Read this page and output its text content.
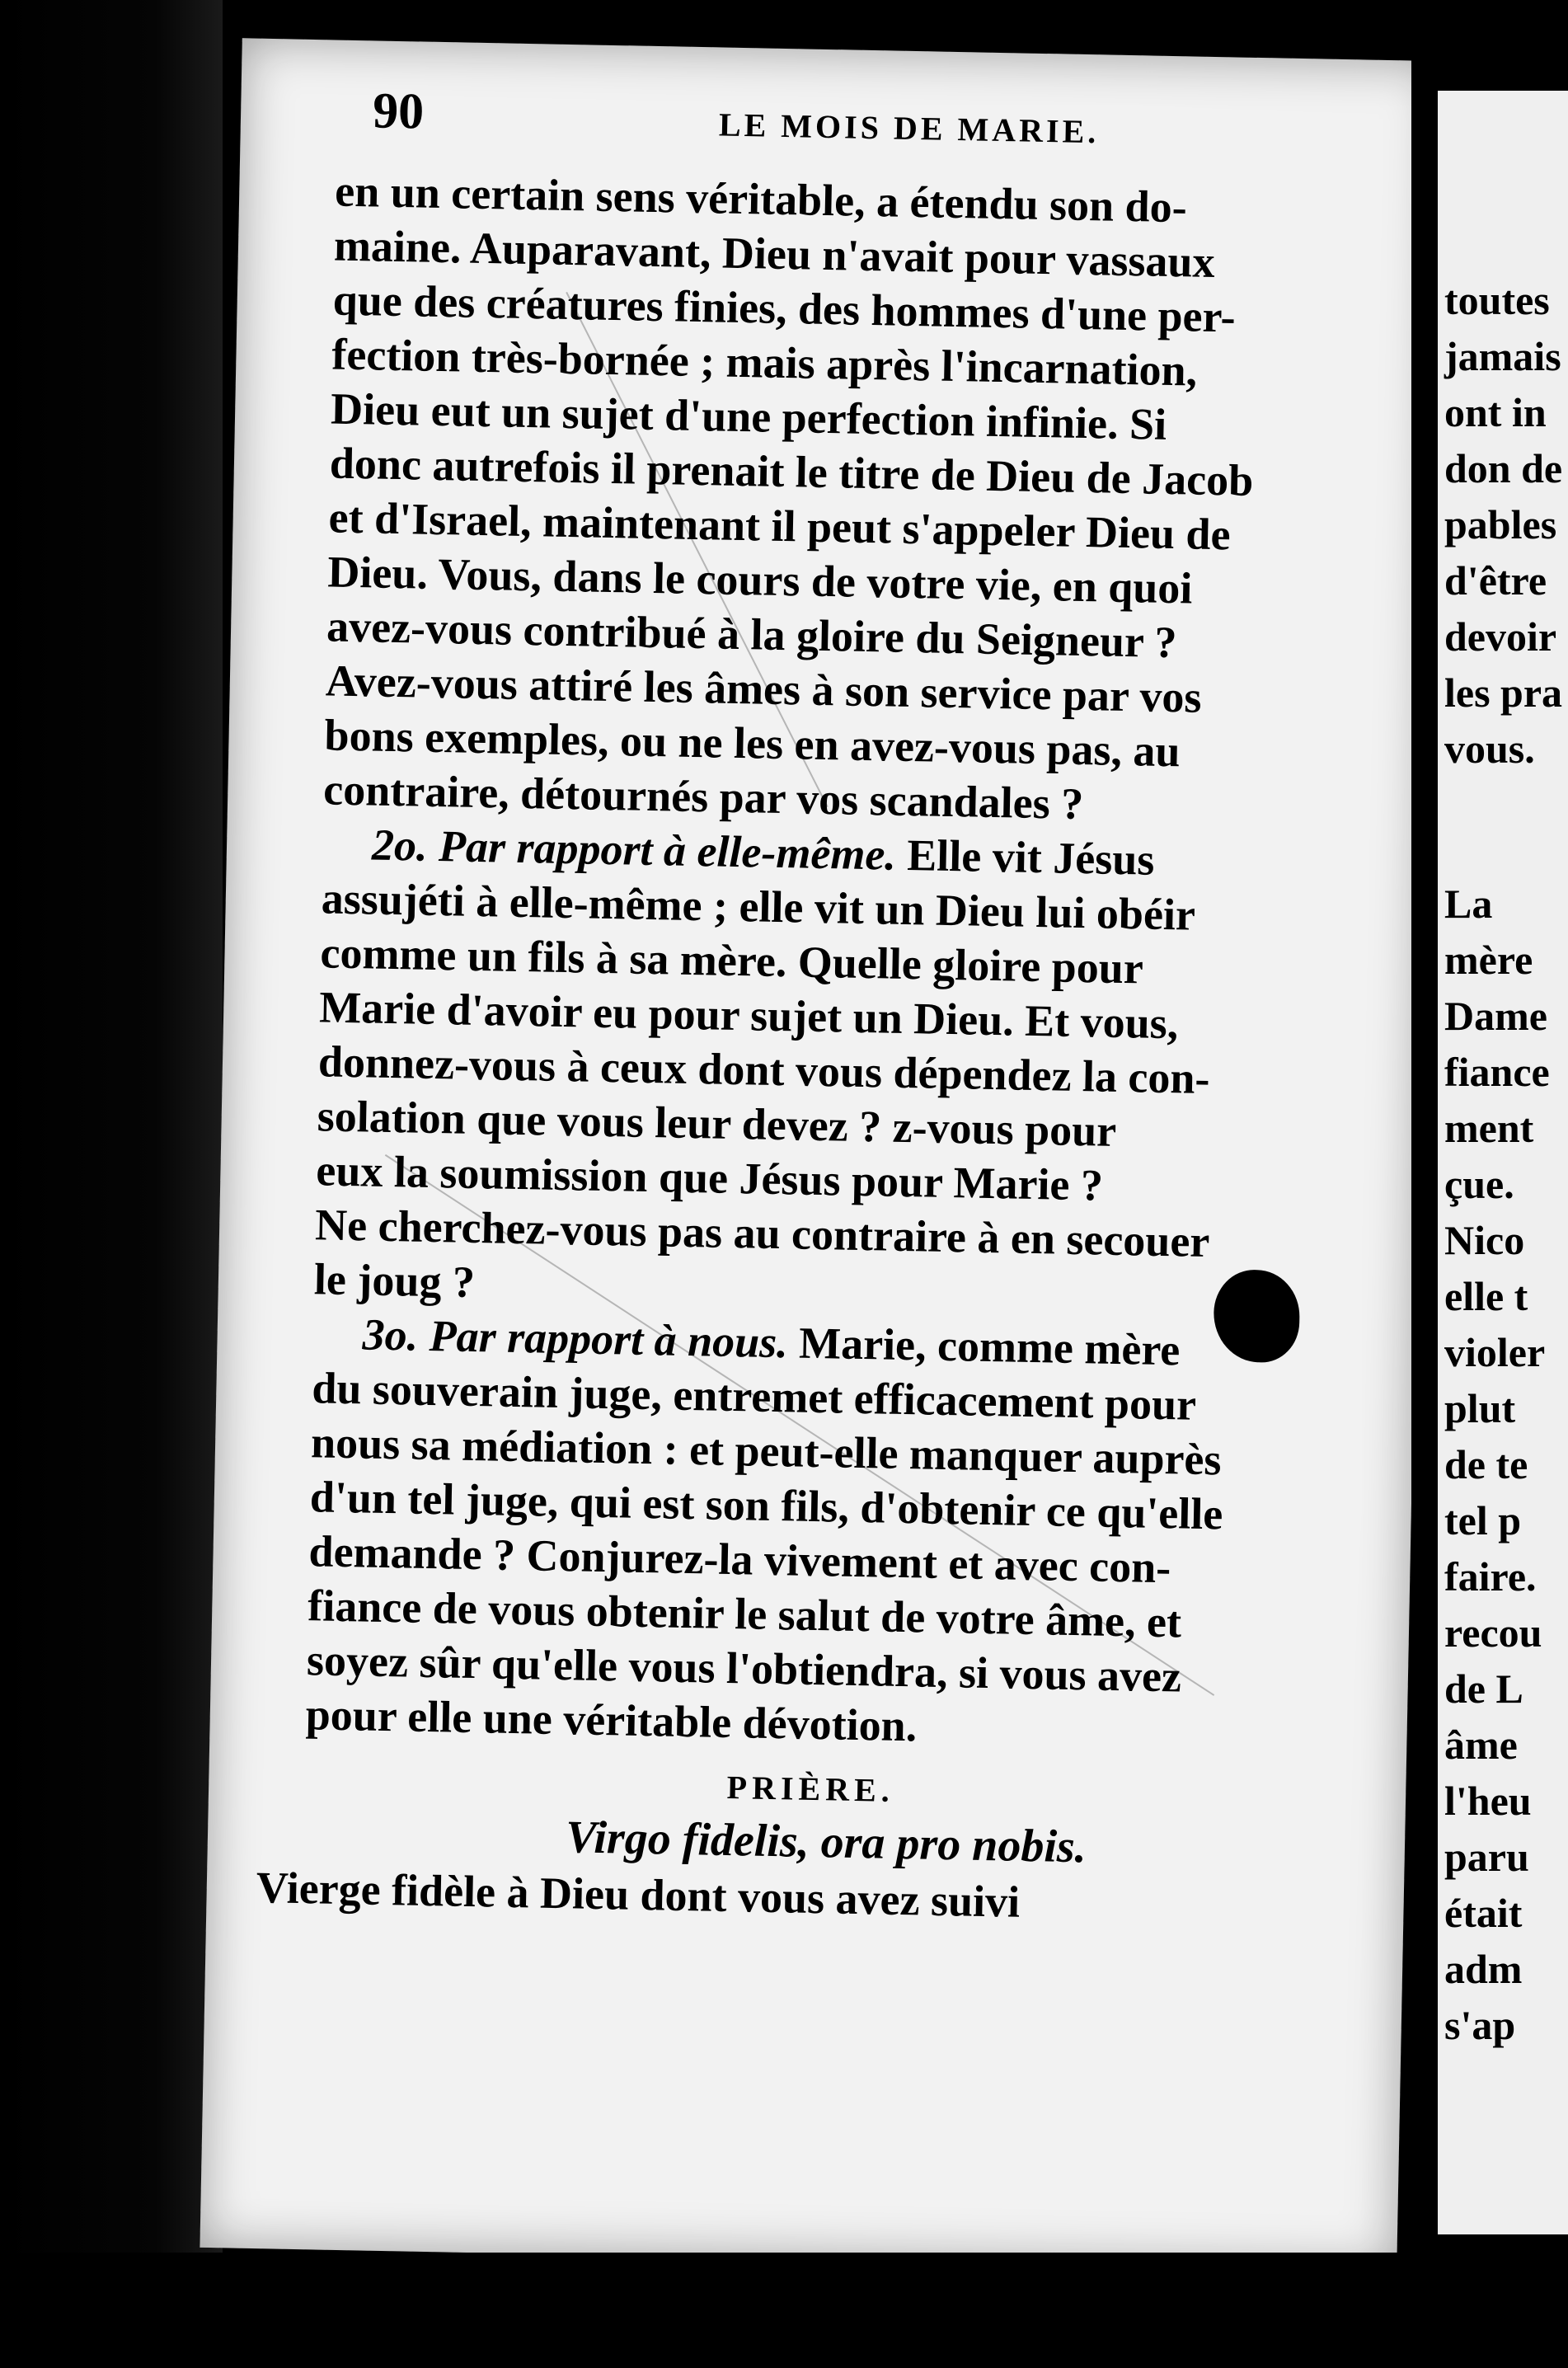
90	LE MOIS DE MARIE.

en un certain sens véritable, a étendu son do-
maine. Auparavant, Dieu n'avait pour vassaux
que des créatures finies, des hommes d'une per-
fection très-bornée ; mais après l'incarnation,
Dieu eut un sujet d'une perfection infinie. Si
donc autrefois il prenait le titre de Dieu de Jacob
et d'Israel, maintenant il peut s'appeler Dieu de
Dieu. Vous, dans le cours de votre vie, en quoi
avez-vous contribué à la gloire du Seigneur ?
Avez-vous attiré les âmes à son service par vos
bons exemples, ou ne les en avez-vous pas, au
contraire, détournés par vos scandales ?

2o. Par rapport à elle-même. Elle vit Jésus
assujéti à elle-même ; elle vit un Dieu lui obéir
comme un fils à sa mère. Quelle gloire pour
Marie d'avoir eu pour sujet un Dieu. Et vous,
donnez-vous à ceux dont vous dépendez la con-
solation que vous leur devez ? z-vous pour
eux la soumission que Jésus pour Marie ?
Ne cherchez-vous pas au contraire à en secouer
le joug ?

3o. Par rapport à nous. Marie, comme mère
du souverain juge, entremet efficacement pour
nous sa médiation : et peut-elle manquer auprès
d'un tel juge, qui est son fils, d'obtenir ce qu'elle
demande ? Conjurez-la vivement et avec con-
fiance de vous obtenir le salut de votre âme, et
soyez sûr qu'elle vous l'obtiendra, si vous avez
pour elle une véritable dévotion.

PRIÈRE.
Virgo fidelis, ora pro nobis.
Vierge fidèle à Dieu dont vous avez suivi
toutes
jamais
ont in
don de
pables
d'être
devoir
les pra
vous.
La
mère
Dame
fiance
ment
çue.
Nico
elle t
violer
plut
de te
tel p
faire.
recou
de L
âme
l'heu
paru
était
adm
s'ap
